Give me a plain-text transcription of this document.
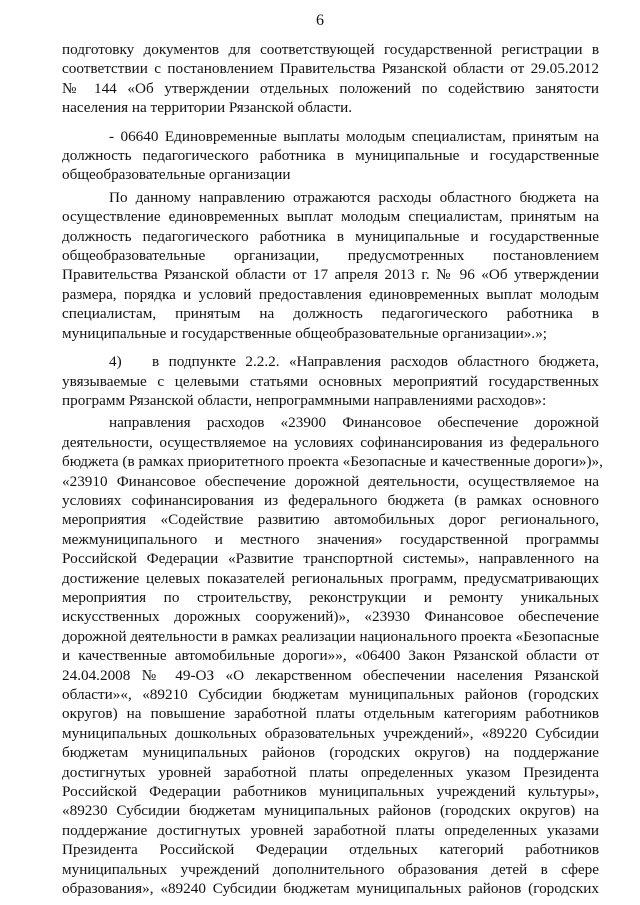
6
подготовку документов для соответствующей государственной регистрации в
соответствии с постановлением Правительства Рязанской области от 29.05.2012
№ 144 «Об утверждении отдельных положений по содействию занятости
населения на территории Рязанской области.
- 06640 Единовременные выплаты молодым специалистам, принятым на
должность педагогического работника в муниципальные и государственные
общеобразовательные организации
По данному направлению отражаются расходы областного бюджета на
осуществление единовременных выплат молодым специалистам, принятым на
должность педагогического работника в муниципальные и государственные
общеобразовательные организации, предусмотренных постановлением
Правительства Рязанской области от 17 апреля 2013 г. № 96 «Об утверждении
размера, порядка и условий предоставления единовременных выплат молодым
специалистам, принятым на должность педагогического работника в
муниципальные и государственные общеобразовательные организации».»;
4)  в подпункте 2.2.2. «Направления расходов областного бюджета,
увязываемые с целевыми статьями основных мероприятий государственных
программ Рязанской области, непрограммными направлениями расходов»:
направления расходов «23900 Финансовое обеспечение дорожной
деятельности, осуществляемое на условиях софинансирования из федерального
бюджета (в рамках приоритетного проекта «Безопасные и качественные дороги»)»,
«23910 Финансовое обеспечение дорожной деятельности, осуществляемое на
условиях софинансирования из федерального бюджета (в рамках основного
мероприятия «Содействие развитию автомобильных дорог регионального,
межмуниципального и местного значения» государственной программы
Российской Федерации «Развитие транспортной системы», направленного на
достижение целевых показателей региональных программ, предусматривающих
мероприятия по строительству, реконструкции и ремонту уникальных
искусственных дорожных сооружений)», «23930 Финансовое обеспечение
дорожной деятельности в рамках реализации национального проекта «Безопасные
и качественные автомобильные дороги»», «06400 Закон Рязанской области от
24.04.2008 № 49-ОЗ «О лекарственном обеспечении населения Рязанской
области»«, «89210 Субсидии бюджетам муниципальных районов (городских
округов) на повышение заработной платы отдельным категориям работников
муниципальных дошкольных образовательных учреждений», «89220 Субсидии
бюджетам муниципальных районов (городских округов) на поддержание
достигнутых уровней заработной платы определенных указом Президента
Российской Федерации работников муниципальных учреждений культуры»,
«89230 Субсидии бюджетам муниципальных районов (городских округов) на
поддержание достигнутых уровней заработной платы определенных указами
Президента Российской Федерации отдельных категорий работников
муниципальных учреждений дополнительного образования детей в сфере
образования», «89240 Субсидии бюджетам муниципальных районов (городских
